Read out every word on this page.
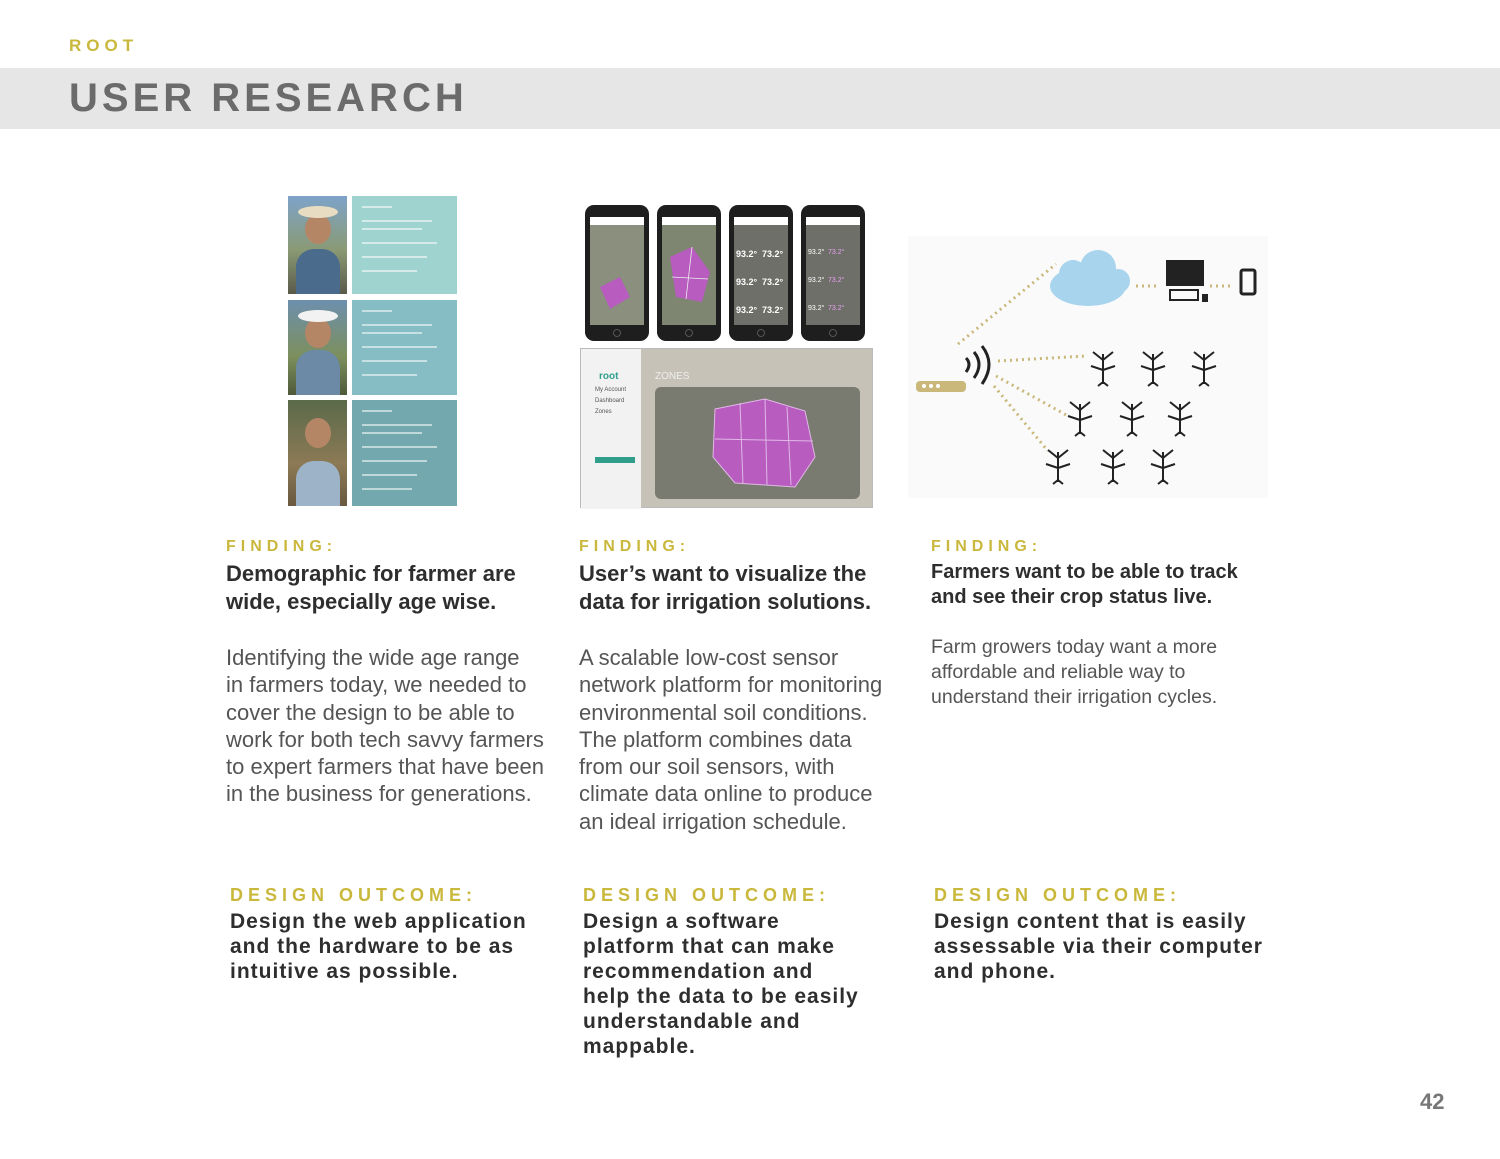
ROOT
USER RESEARCH
93.2° 73.2°
93.2° 73.2°
93.2° 73.2°
93.2° 73.2°
93.2° 73.2°
93.2° 73.2°
root
My Account
Dashboard
Zones
ZONES
FINDING:
Demographic for farmer are
wide, especially age wise.
Identifying the wide age range
in farmers today, we needed to
cover the design to be able to
work for both tech savvy farmers
to expert farmers that have been
in the business for generations.
FINDING:
User’s want to visualize the
data for irrigation solutions.
A scalable low-cost sensor
network platform for monitoring
environmental soil conditions.
The platform combines data
from our soil sensors, with
climate data online to produce
an ideal irrigation schedule.
FINDING:
Farmers want to be able to track
and see their crop status live.
Farm growers today want a more
affordable and reliable way to
understand their irrigation cycles.
DESIGN OUTCOME:
Design the web application
and the hardware to be as
intuitive as possible.
DESIGN OUTCOME:
Design a software
platform that can make
recommendation and
help the data to be easily
understandable and
mappable.
DESIGN OUTCOME:
Design content that is easily
assessable via their computer
and phone.
42
